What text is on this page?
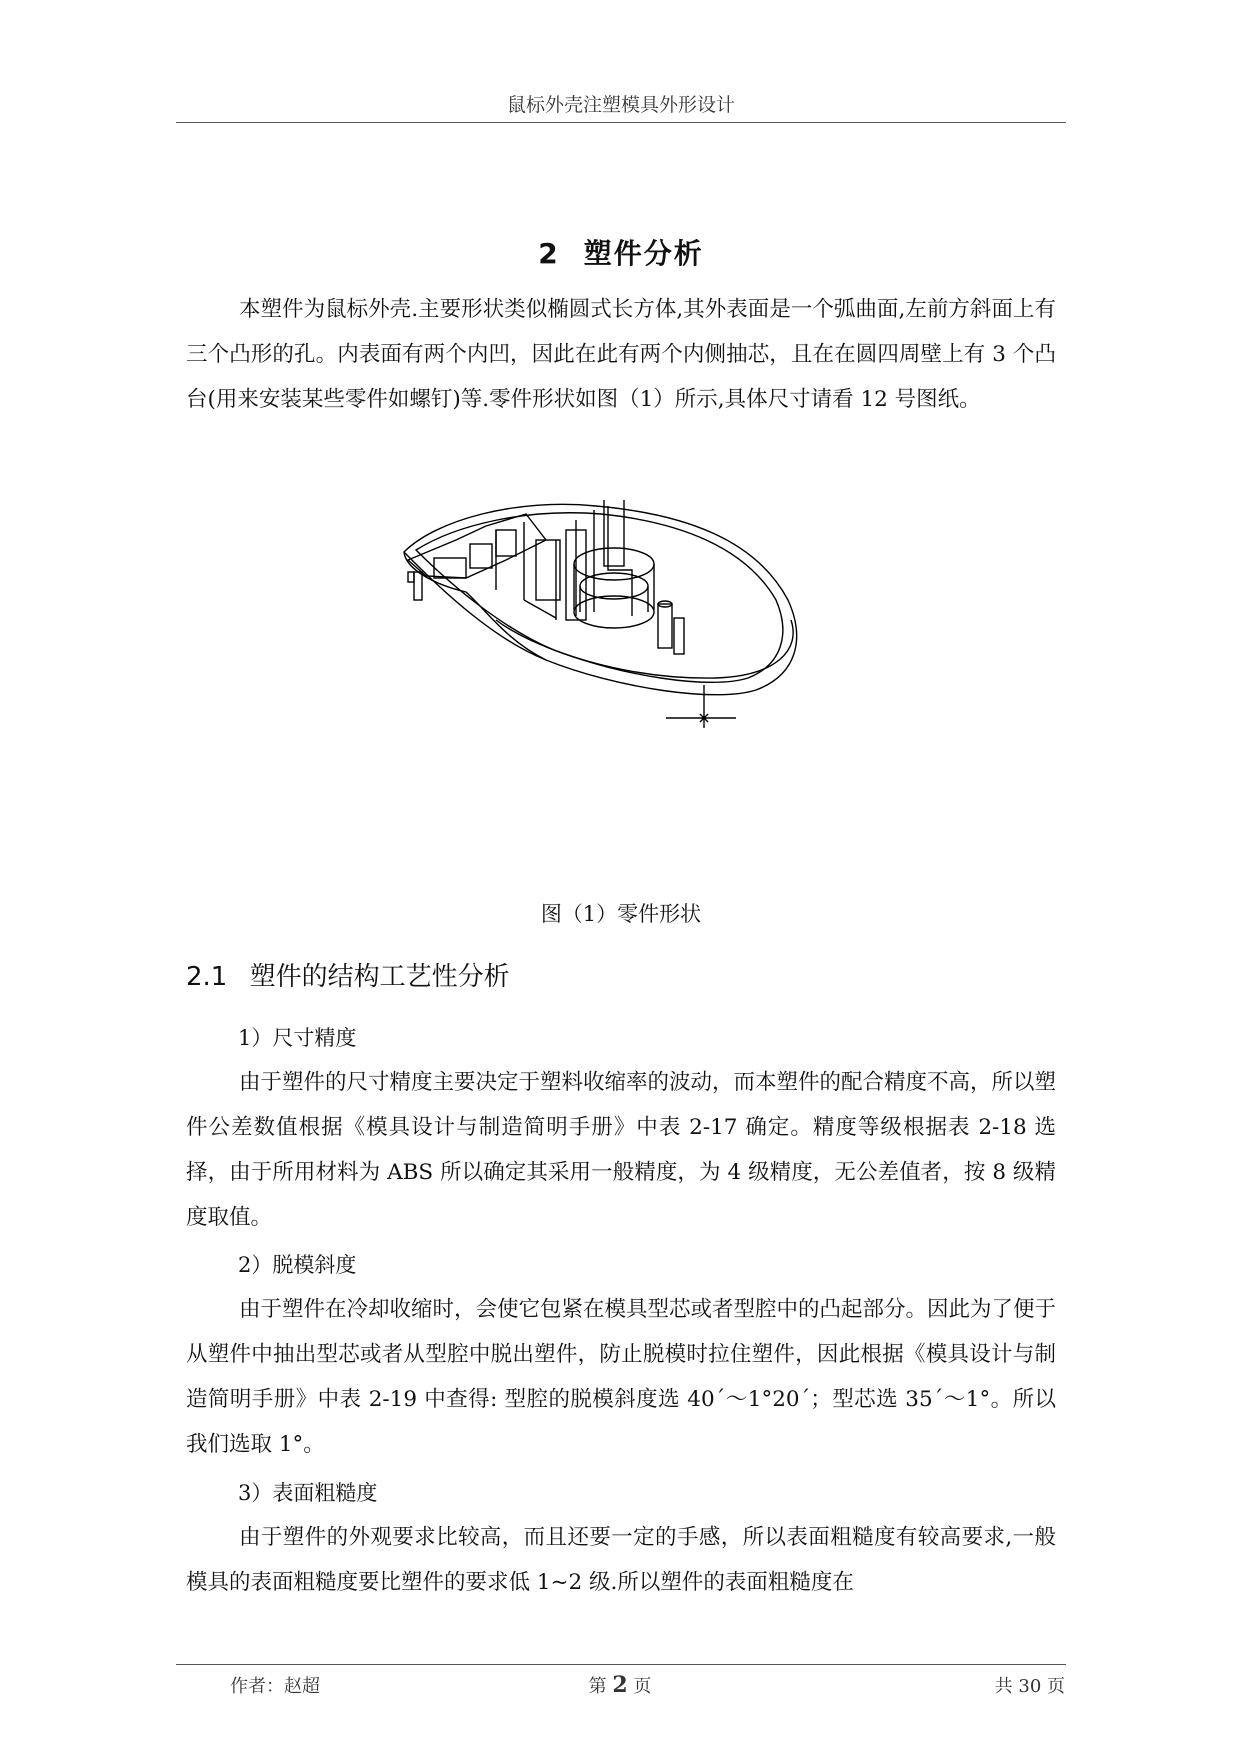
鼠标外壳注塑模具外形设计
2 塑件分析

本塑件为鼠标外壳.主要形状类似椭圆式长方体,其外表面是一个弧曲面,左前方斜面上有三个凸形的孔。内表面有两个内凹，因此在此有两个内侧抽芯，且在在圆四周壁上有 3 个凸台(用来安装某些零件如螺钉)等.零件形状如图（1）所示,具体尺寸请看 12 号图纸。

图（1）零件形状
2.1 塑件的结构工艺性分析
1）尺寸精度

由于塑件的尺寸精度主要决定于塑料收缩率的波动，而本塑件的配合精度不高，所以塑件公差数值根据《模具设计与制造简明手册》中表 2-17 确定。精度等级根据表 2-18 选择，由于所用材料为 ABS 所以确定其采用一般精度，为 4 级精度，无公差值者，按 8 级精度取值。

2）脱模斜度

由于塑件在冷却收缩时，会使它包紧在模具型芯或者型腔中的凸起部分。因此为了便于从塑件中抽出型芯或者从型腔中脱出塑件，防止脱模时拉住塑件，因此根据《模具设计与制造简明手册》中表 2-19 中查得: 型腔的脱模斜度选 40´～1°20´；型芯选 35´～1°。所以我们选取 1°。

3）表面粗糙度

由于塑件的外观要求比较高，而且还要一定的手感，所以表面粗糙度有较高要求,一般模具的表面粗糙度要比塑件的要求低 1~2 级.所以塑件的表面粗糙度在

作者：赵超	第 2 页	共 30 页
